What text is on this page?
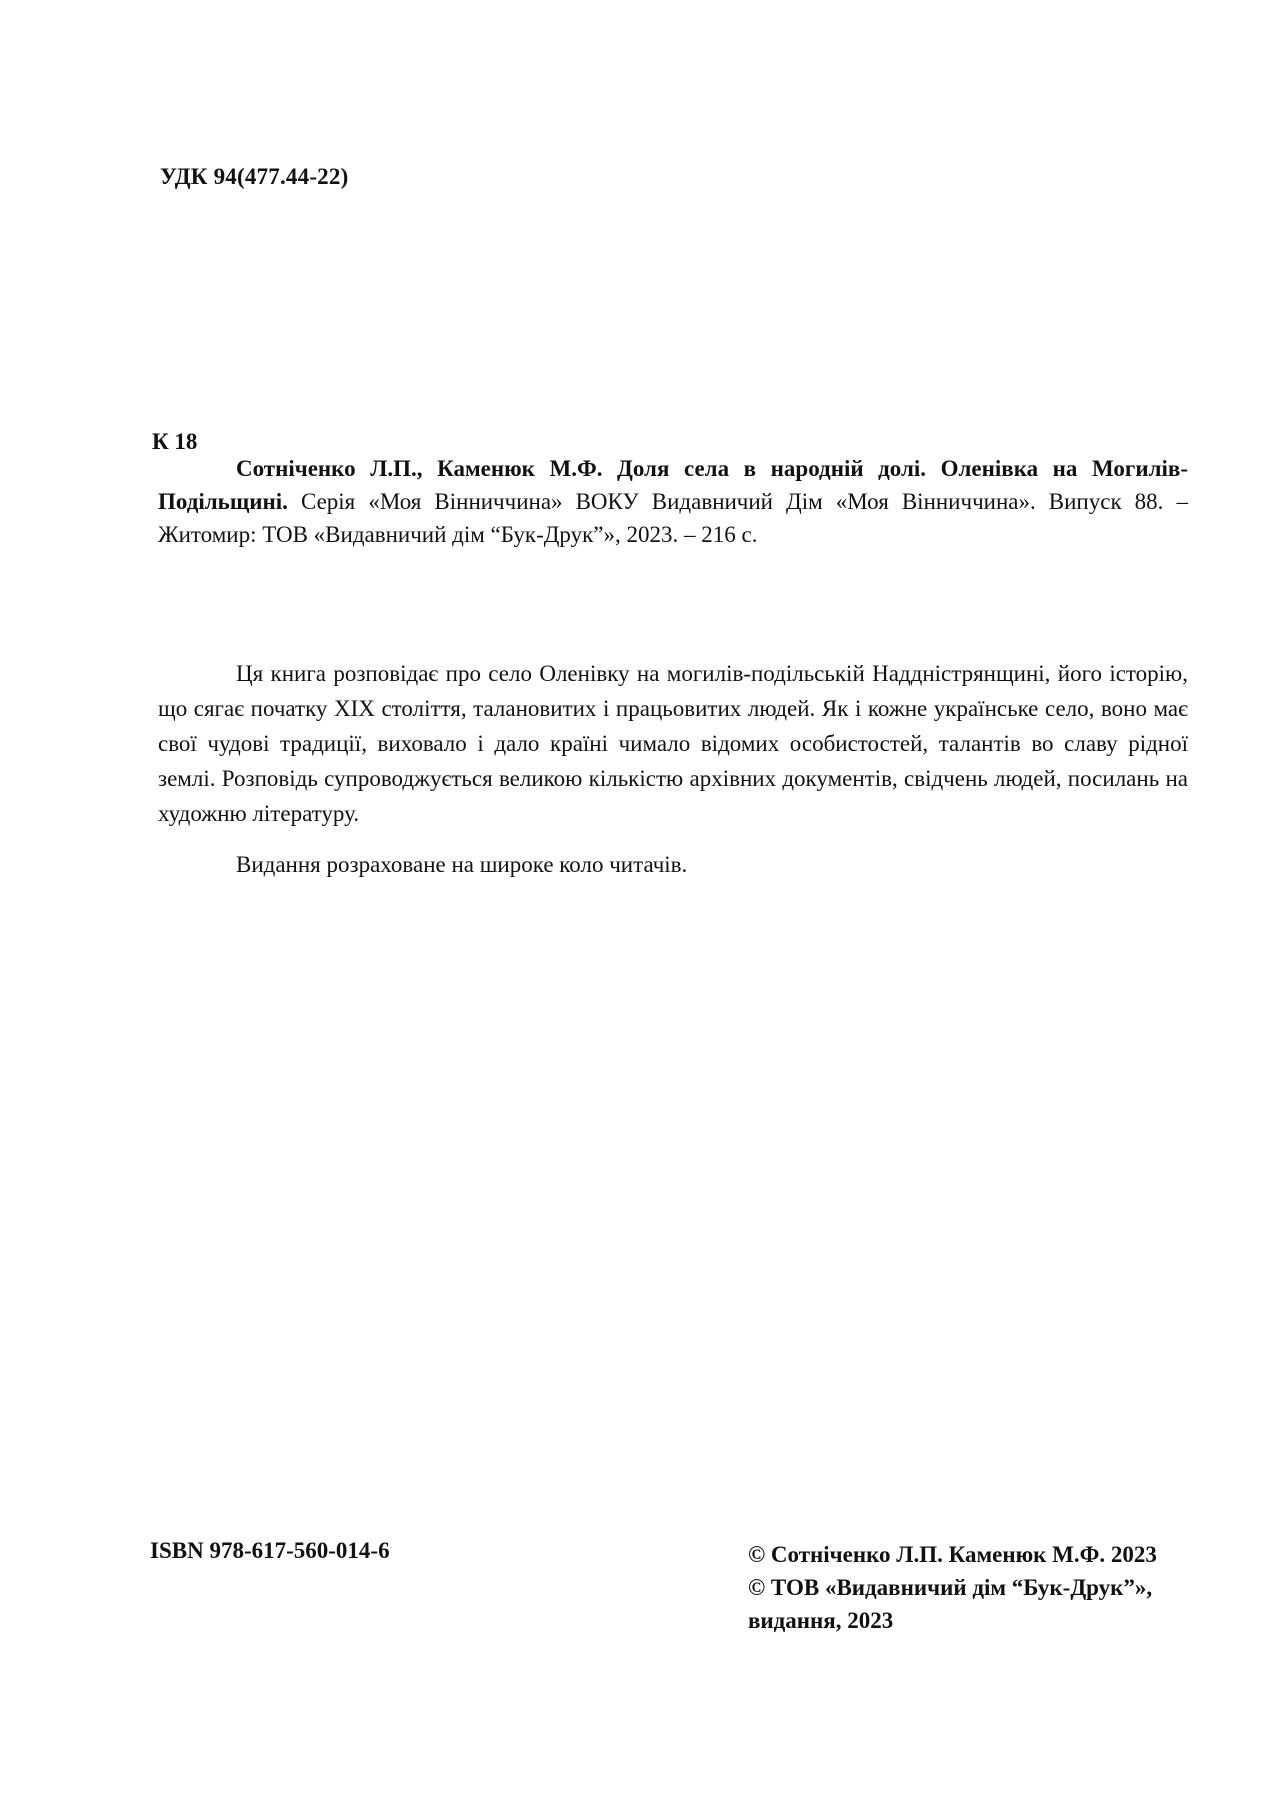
УДК 94(477.44-22)
К 18

Сотніченко Л.П., Каменюк М.Ф. Доля села в народній долі. Оленівка на Могилів-Подільщині. Серія «Моя Вінниччина» ВОКУ Видавничий Дім «Моя Вінниччина». Випуск 88. – Житомир: ТОВ «Видавничий дім “Бук-Друк”», 2023. – 216 с.

Ця книга розповідає про село Оленівку на могилів-подільській Наддністрянщині, його історію, що сягає початку XIX століття, талановитих і працьовитих людей. Як і кожне українське село, воно має свої чудові традиції, виховало і дало країні чимало відомих особистостей, талантів во славу рідної землі. Розповідь супроводжується великою кількістю архівних документів, свідчень людей, посилань на художню літературу.

Видання розраховане на широке коло читачів.

ISBN 978-617-560-014-6	© Сотніченко Л.П. Каменюк М.Ф. 2023
© ТОВ «Видавничий дім “Бук-Друк”»,
видання, 2023
